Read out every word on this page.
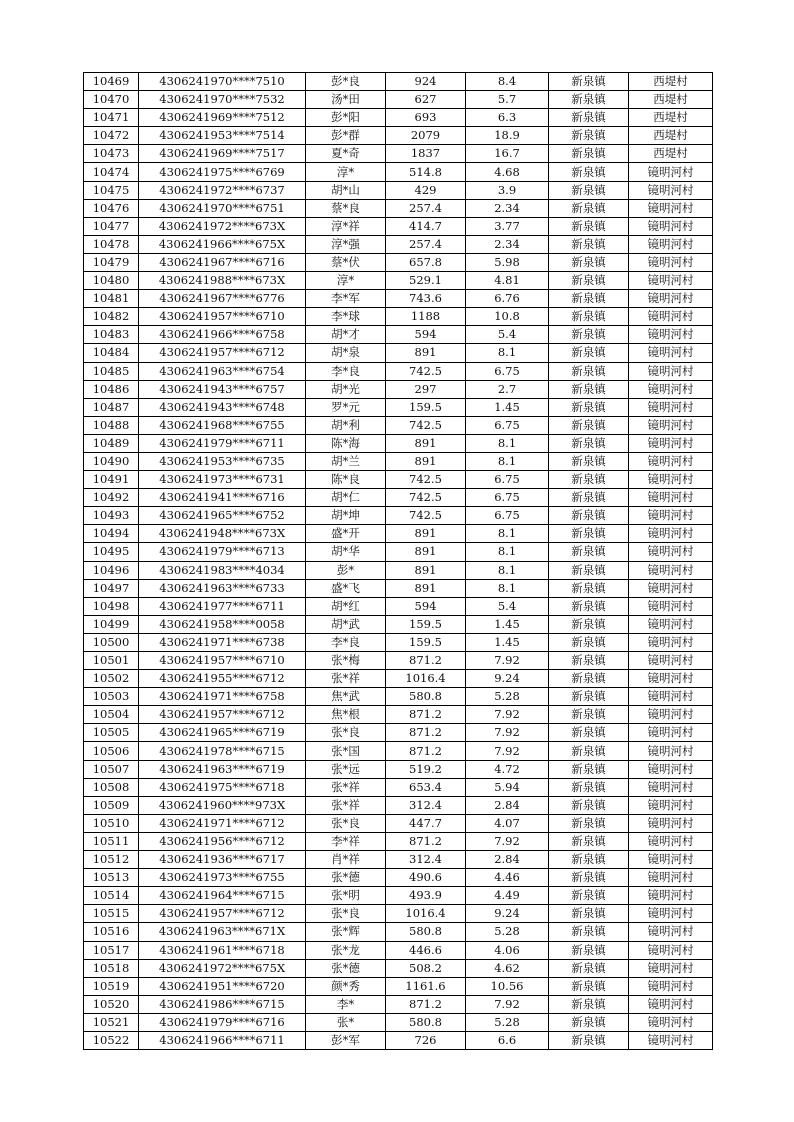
10469	4306241970****7510	彭*良	924	8.4	新泉镇	西堤村
10470	4306241970****7532	汤*田	627	5.7	新泉镇	西堤村
10471	4306241969****7512	彭*阳	693	6.3	新泉镇	西堤村
10472	4306241953****7514	彭*群	2079	18.9	新泉镇	西堤村
10473	4306241969****7517	夏*奇	1837	16.7	新泉镇	西堤村
10474	4306241975****6769	淳*	514.8	4.68	新泉镇	镜明河村
10475	4306241972****6737	胡*山	429	3.9	新泉镇	镜明河村
10476	4306241970****6751	蔡*良	257.4	2.34	新泉镇	镜明河村
10477	4306241972****673X	淳*祥	414.7	3.77	新泉镇	镜明河村
10478	4306241966****675X	淳*强	257.4	2.34	新泉镇	镜明河村
10479	4306241967****6716	蔡*伏	657.8	5.98	新泉镇	镜明河村
10480	4306241988****673X	淳*	529.1	4.81	新泉镇	镜明河村
10481	4306241967****6776	李*军	743.6	6.76	新泉镇	镜明河村
10482	4306241957****6710	李*球	1188	10.8	新泉镇	镜明河村
10483	4306241966****6758	胡*才	594	5.4	新泉镇	镜明河村
10484	4306241957****6712	胡*泉	891	8.1	新泉镇	镜明河村
10485	4306241963****6754	李*良	742.5	6.75	新泉镇	镜明河村
10486	4306241943****6757	胡*光	297	2.7	新泉镇	镜明河村
10487	4306241943****6748	罗*元	159.5	1.45	新泉镇	镜明河村
10488	4306241968****6755	胡*利	742.5	6.75	新泉镇	镜明河村
10489	4306241979****6711	陈*海	891	8.1	新泉镇	镜明河村
10490	4306241953****6735	胡*兰	891	8.1	新泉镇	镜明河村
10491	4306241973****6731	陈*良	742.5	6.75	新泉镇	镜明河村
10492	4306241941****6716	胡*仁	742.5	6.75	新泉镇	镜明河村
10493	4306241965****6752	胡*坤	742.5	6.75	新泉镇	镜明河村
10494	4306241948****673X	盛*开	891	8.1	新泉镇	镜明河村
10495	4306241979****6713	胡*华	891	8.1	新泉镇	镜明河村
10496	4306241983****4034	彭*	891	8.1	新泉镇	镜明河村
10497	4306241963****6733	盛*飞	891	8.1	新泉镇	镜明河村
10498	4306241977****6711	胡*红	594	5.4	新泉镇	镜明河村
10499	4306241958****0058	胡*武	159.5	1.45	新泉镇	镜明河村
10500	4306241971****6738	李*良	159.5	1.45	新泉镇	镜明河村
10501	4306241957****6710	张*梅	871.2	7.92	新泉镇	镜明河村
10502	4306241955****6712	张*祥	1016.4	9.24	新泉镇	镜明河村
10503	4306241971****6758	焦*武	580.8	5.28	新泉镇	镜明河村
10504	4306241957****6712	焦*根	871.2	7.92	新泉镇	镜明河村
10505	4306241965****6719	张*良	871.2	7.92	新泉镇	镜明河村
10506	4306241978****6715	张*国	871.2	7.92	新泉镇	镜明河村
10507	4306241963****6719	张*远	519.2	4.72	新泉镇	镜明河村
10508	4306241975****6718	张*祥	653.4	5.94	新泉镇	镜明河村
10509	4306241960****973X	张*祥	312.4	2.84	新泉镇	镜明河村
10510	4306241971****6712	张*良	447.7	4.07	新泉镇	镜明河村
10511	4306241956****6712	李*祥	871.2	7.92	新泉镇	镜明河村
10512	4306241936****6717	肖*祥	312.4	2.84	新泉镇	镜明河村
10513	4306241973****6755	张*德	490.6	4.46	新泉镇	镜明河村
10514	4306241964****6715	张*明	493.9	4.49	新泉镇	镜明河村
10515	4306241957****6712	张*良	1016.4	9.24	新泉镇	镜明河村
10516	4306241963****671X	张*辉	580.8	5.28	新泉镇	镜明河村
10517	4306241961****6718	张*龙	446.6	4.06	新泉镇	镜明河村
10518	4306241972****675X	张*德	508.2	4.62	新泉镇	镜明河村
10519	4306241951****6720	颜*秀	1161.6	10.56	新泉镇	镜明河村
10520	4306241986****6715	李*	871.2	7.92	新泉镇	镜明河村
10521	4306241979****6716	张*	580.8	5.28	新泉镇	镜明河村
10522	4306241966****6711	彭*军	726	6.6	新泉镇	镜明河村
